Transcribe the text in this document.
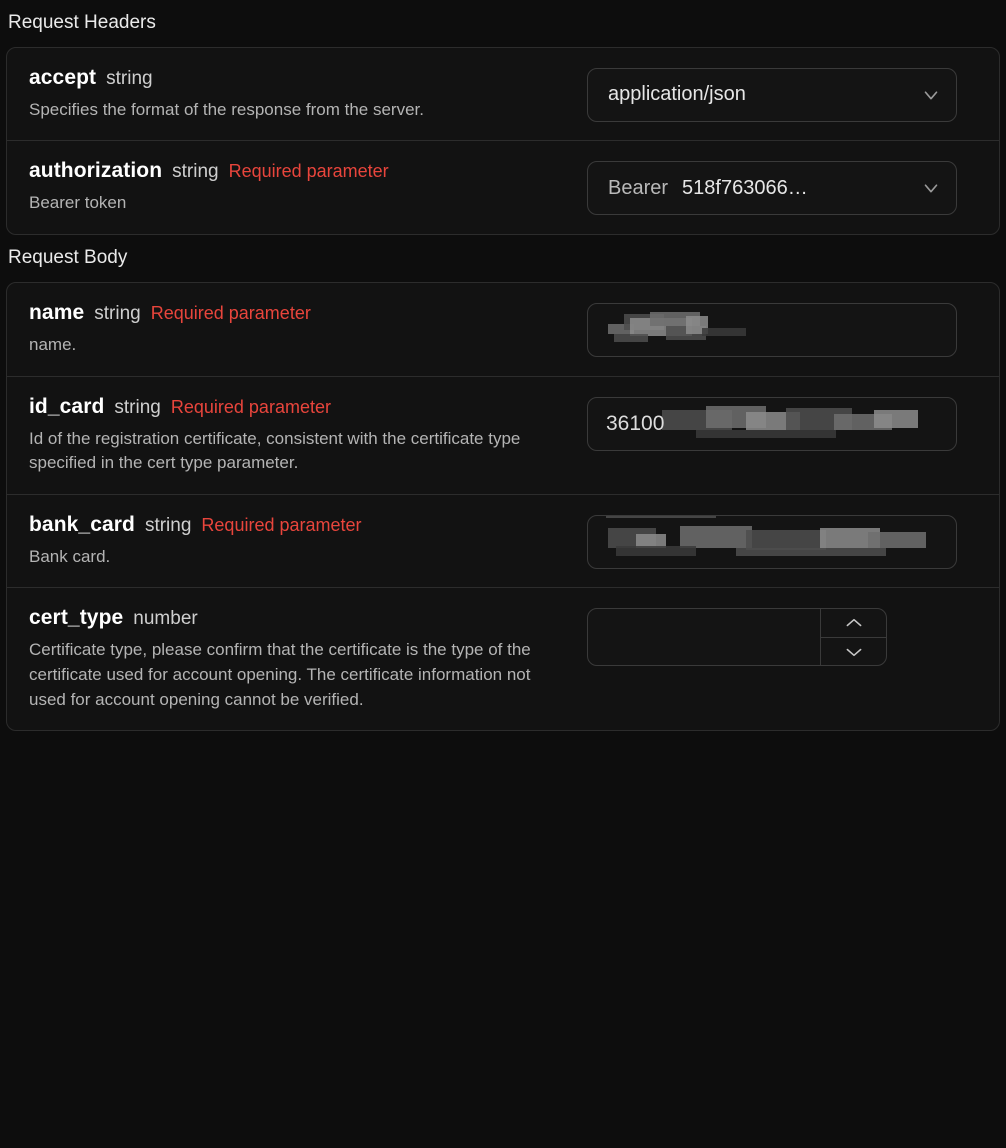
Request Headers
accept string
Specifies the format of the response from the server.
application/json
authorization string Required parameter
Bearer token
Bearer 518f763066…
Request Body
name string Required parameter
name.
id_card string Required parameter
Id of the registration certificate, consistent with the certificate type specified in the cert type parameter.
36100
bank_card string Required parameter
Bank card.
cert_type number
Certificate type, please confirm that the certificate is the type of the certificate used for account opening. The certificate information not used for account opening cannot be verified.
